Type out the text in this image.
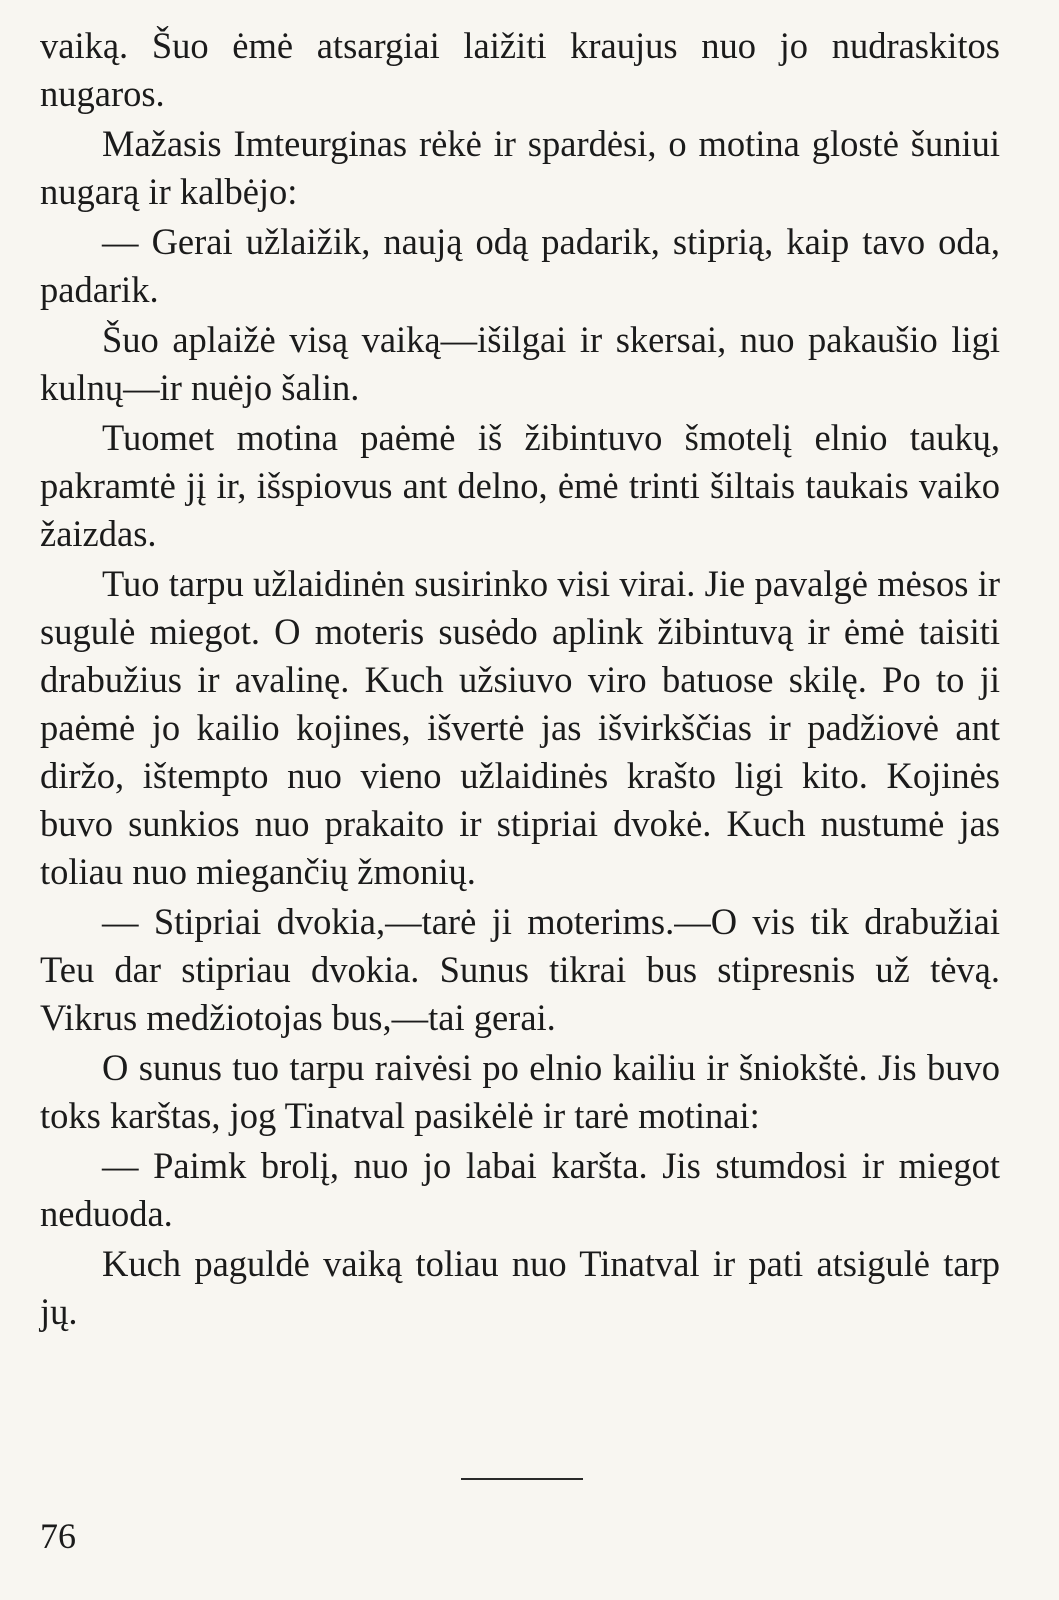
vaiką. Šuo ėmė atsargiai laižiti kraujus nuo jo nudraskitos nugaros.

Mažasis Imteurginas rėkė ir spardėsi, o motina glostė šuniui nugarą ir kalbėjo:

— Gerai užlaižik, naują odą padarik, stiprią, kaip tavo oda, padarik.

Šuo aplaižė visą vaiką—išilgai ir skersai, nuo pakaušio ligi kulnų—ir nuėjo šalin.

Tuomet motina paėmė iš žibintuvo šmotelį elnio taukų, pakramtė jį ir, išspiovus ant delno, ėmė trinti šiltais taukais vaiko žaizdas.

Tuo tarpu užlaidinėn susirinko visi virai. Jie pavalgė mėsos ir sugulė miegot. O moteris susėdo aplink žibintuvą ir ėmė taisiti drabužius ir avalinę. Kuch užsiuvo viro batuose skilę. Po to ji paėmė jo kailio kojines, išvertė jas išvirkščias ir padžiovė ant diržo, ištempto nuo vieno užlaidinės krašto ligi kito. Kojinės buvo sunkios nuo prakaito ir stipriai dvokė. Kuch nustumė jas toliau nuo miegančių žmonių.

— Stipriai dvokia,—tarė ji moterims.—O vis tik drabužiai Teu dar stipriau dvokia. Sunus tikrai bus stipresnis už tėvą. Vikrus medžiotojas bus,—tai gerai.

O sunus tuo tarpu raivėsi po elnio kailiu ir šniokštė. Jis buvo toks karštas, jog Tinatval pasikėlė ir tarė motinai:

— Paimk brolį, nuo jo labai karšta. Jis stumdosi ir miegot neduoda.

Kuch paguldė vaiką toliau nuo Tinatval ir pati atsigulė tarp jų.

76
